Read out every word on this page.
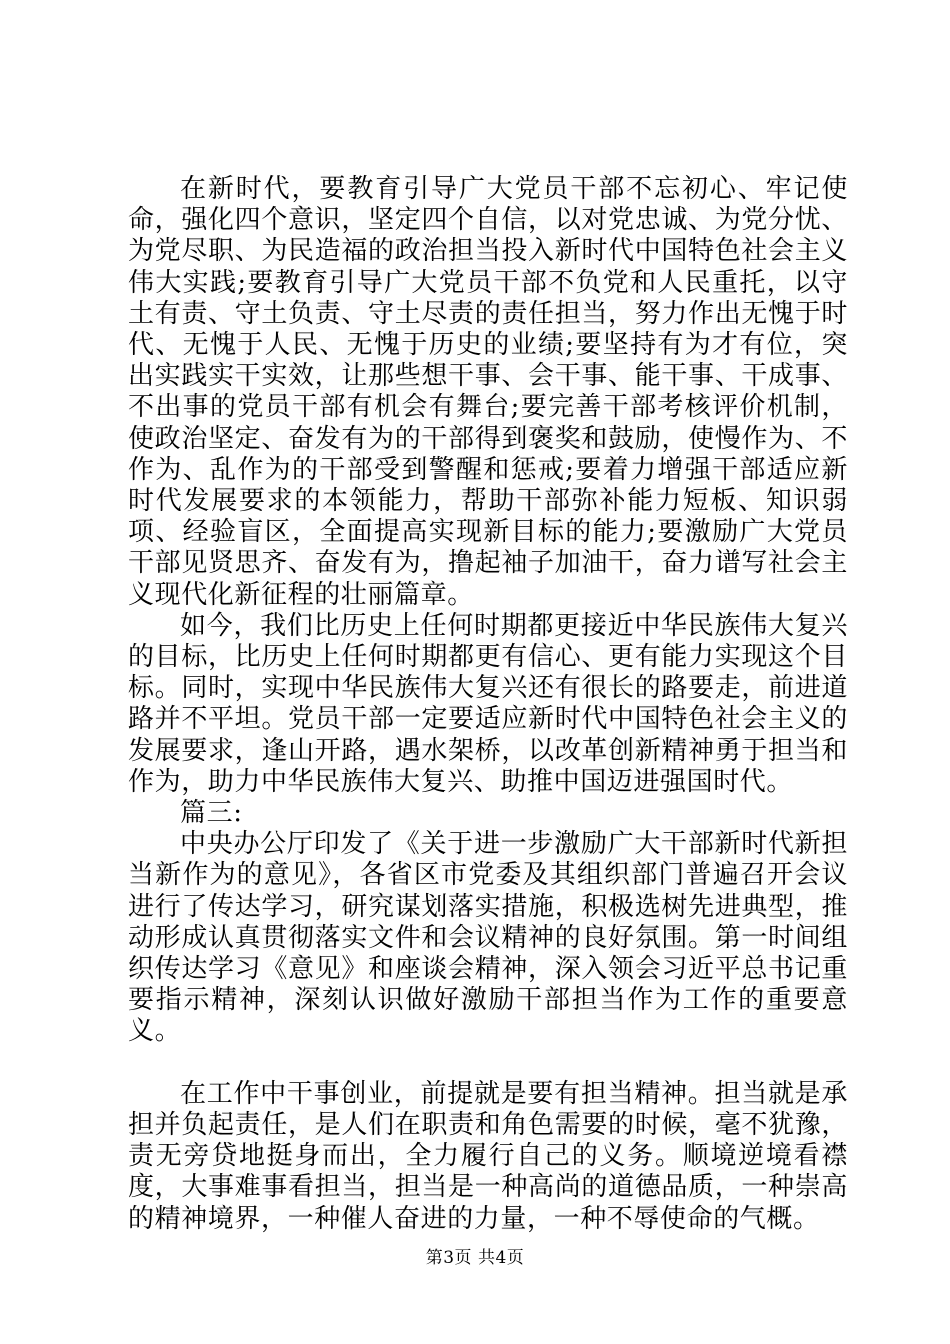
在新时代，要教育引导广大党员干部不忘初心、牢记使命，强化四个意识，坚定四个自信，以对党忠诚、为党分忧、为党尽职、为民造福的政治担当投入新时代中国特色社会主义伟大实践;要教育引导广大党员干部不负党和人民重托，以守土有责、守土负责、守土尽责的责任担当，努力作出无愧于时代、无愧于人民、无愧于历史的业绩;要坚持有为才有位，突出实践实干实效，让那些想干事、会干事、能干事、干成事、不出事的党员干部有机会有舞台;要完善干部考核评价机制，使政治坚定、奋发有为的干部得到褒奖和鼓励，使慢作为、不作为、乱作为的干部受到警醒和惩戒;要着力增强干部适应新时代发展要求的本领能力，帮助干部弥补能力短板、知识弱项、经验盲区，全面提高实现新目标的能力;要激励广大党员干部见贤思齐、奋发有为，撸起袖子加油干，奋力谱写社会主义现代化新征程的壮丽篇章。

如今，我们比历史上任何时期都更接近中华民族伟大复兴的目标，比历史上任何时期都更有信心、更有能力实现这个目标。同时，实现中华民族伟大复兴还有很长的路要走，前进道路并不平坦。党员干部一定要适应新时代中国特色社会主义的发展要求，逢山开路，遇水架桥，以改革创新精神勇于担当和作为，助力中华民族伟大复兴、助推中国迈进强国时代。

篇三:

中央办公厅印发了《关于进一步激励广大干部新时代新担当新作为的意见》，各省区市党委及其组织部门普遍召开会议进行了传达学习，研究谋划落实措施，积极选树先进典型，推动形成认真贯彻落实文件和会议精神的良好氛围。第一时间组织传达学习《意见》和座谈会精神，深入领会习近平总书记重要指示精神，深刻认识做好激励干部担当作为工作的重要意义。

在工作中干事创业，前提就是要有担当精神。担当就是承担并负起责任，是人们在职责和角色需要的时候，毫不犹豫，责无旁贷地挺身而出，全力履行自己的义务。顺境逆境看襟度，大事难事看担当，担当是一种高尚的道德品质，一种崇高的精神境界，一种催人奋进的力量，一种不辱使命的气概。

第3页 共4页
